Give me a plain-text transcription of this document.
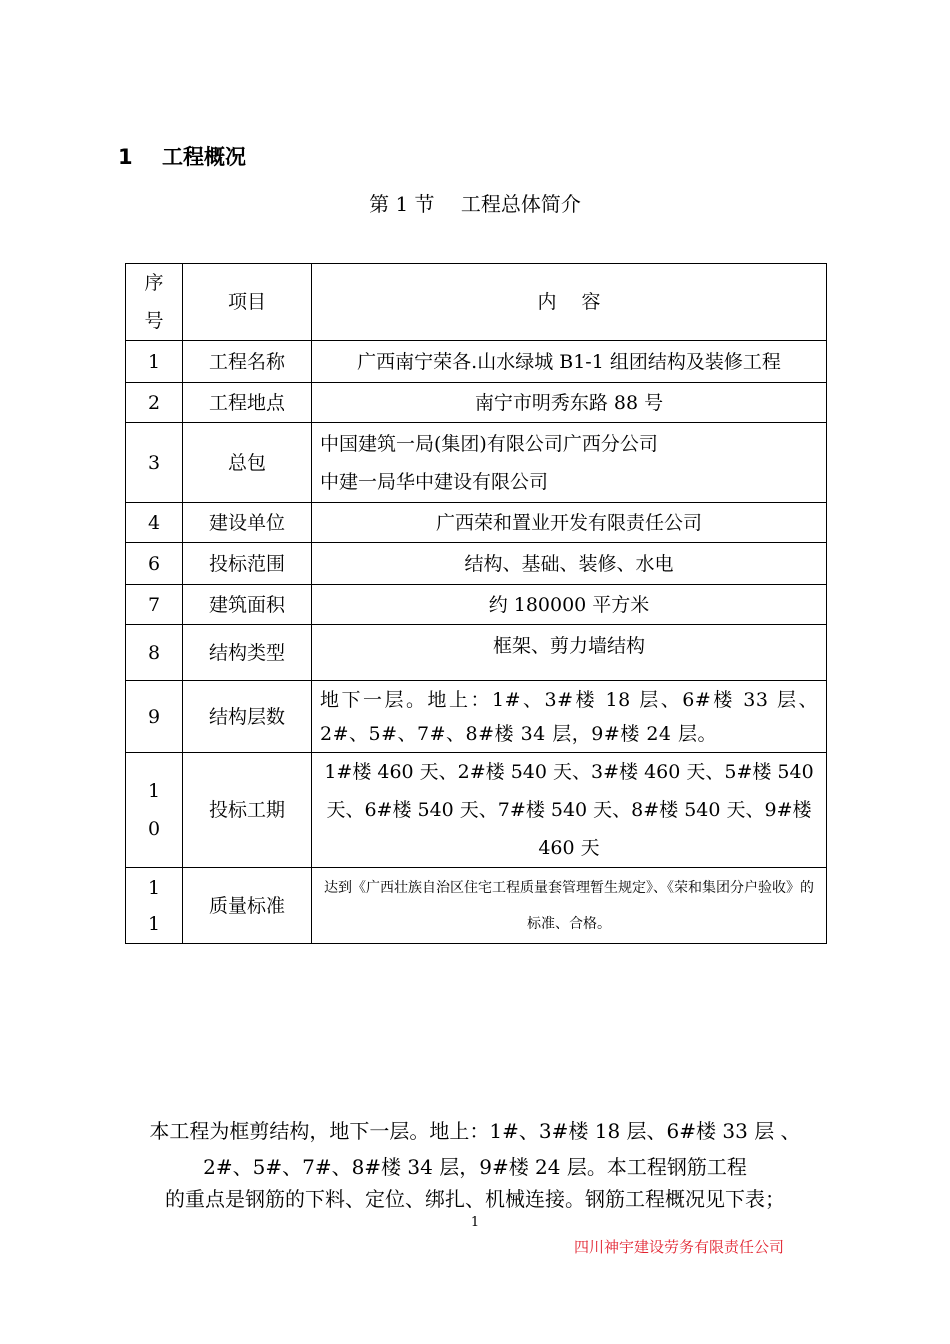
1 工程概况
第 1 节　 工程总体简介
序号	项目	内　 容
1	工程名称	广西南宁荣各.山水绿城 B1-1 组团结构及装修工程
2	工程地点	南宁市明秀东路 88 号
3	总包	中国建筑一局(集团)有限公司广西分公司
中建一局华中建设有限公司

4	建设单位	广西荣和置业开发有限责任公司
6	投标范围	结构、基础、装修、水电
7	建筑面积	约 180000 平方米
8	结构类型	框架、剪力墙结构
9	结构层数	地下一层。地上：1#、3#楼 18 层、6#楼 33 层、2#、5#、7#、8#楼 34 层，9#楼 24 层。

10	投标工期	1#楼 460 天、2#楼 540 天、3#楼 460 天、5#楼 540 天、6#楼 540 天、7#楼 540 天、8#楼 540 天、9#楼 460 天

11	质量标准	达到《广西壮族自治区住宅工程质量套管理暂生规定》、《荣和集团分户验收》的标准、合格。
本工程为框剪结构，地下一层。地上：1#、3#楼 18 层、6#楼 33 层 、
2#、5#、7#、8#楼 34 层，9#楼 24 层。本工程钢筋工程
的重点是钢筋的下料、定位、绑扎、机械连接。钢筋工程概况见下表；
1
四川神宇建设劳务有限责任公司
